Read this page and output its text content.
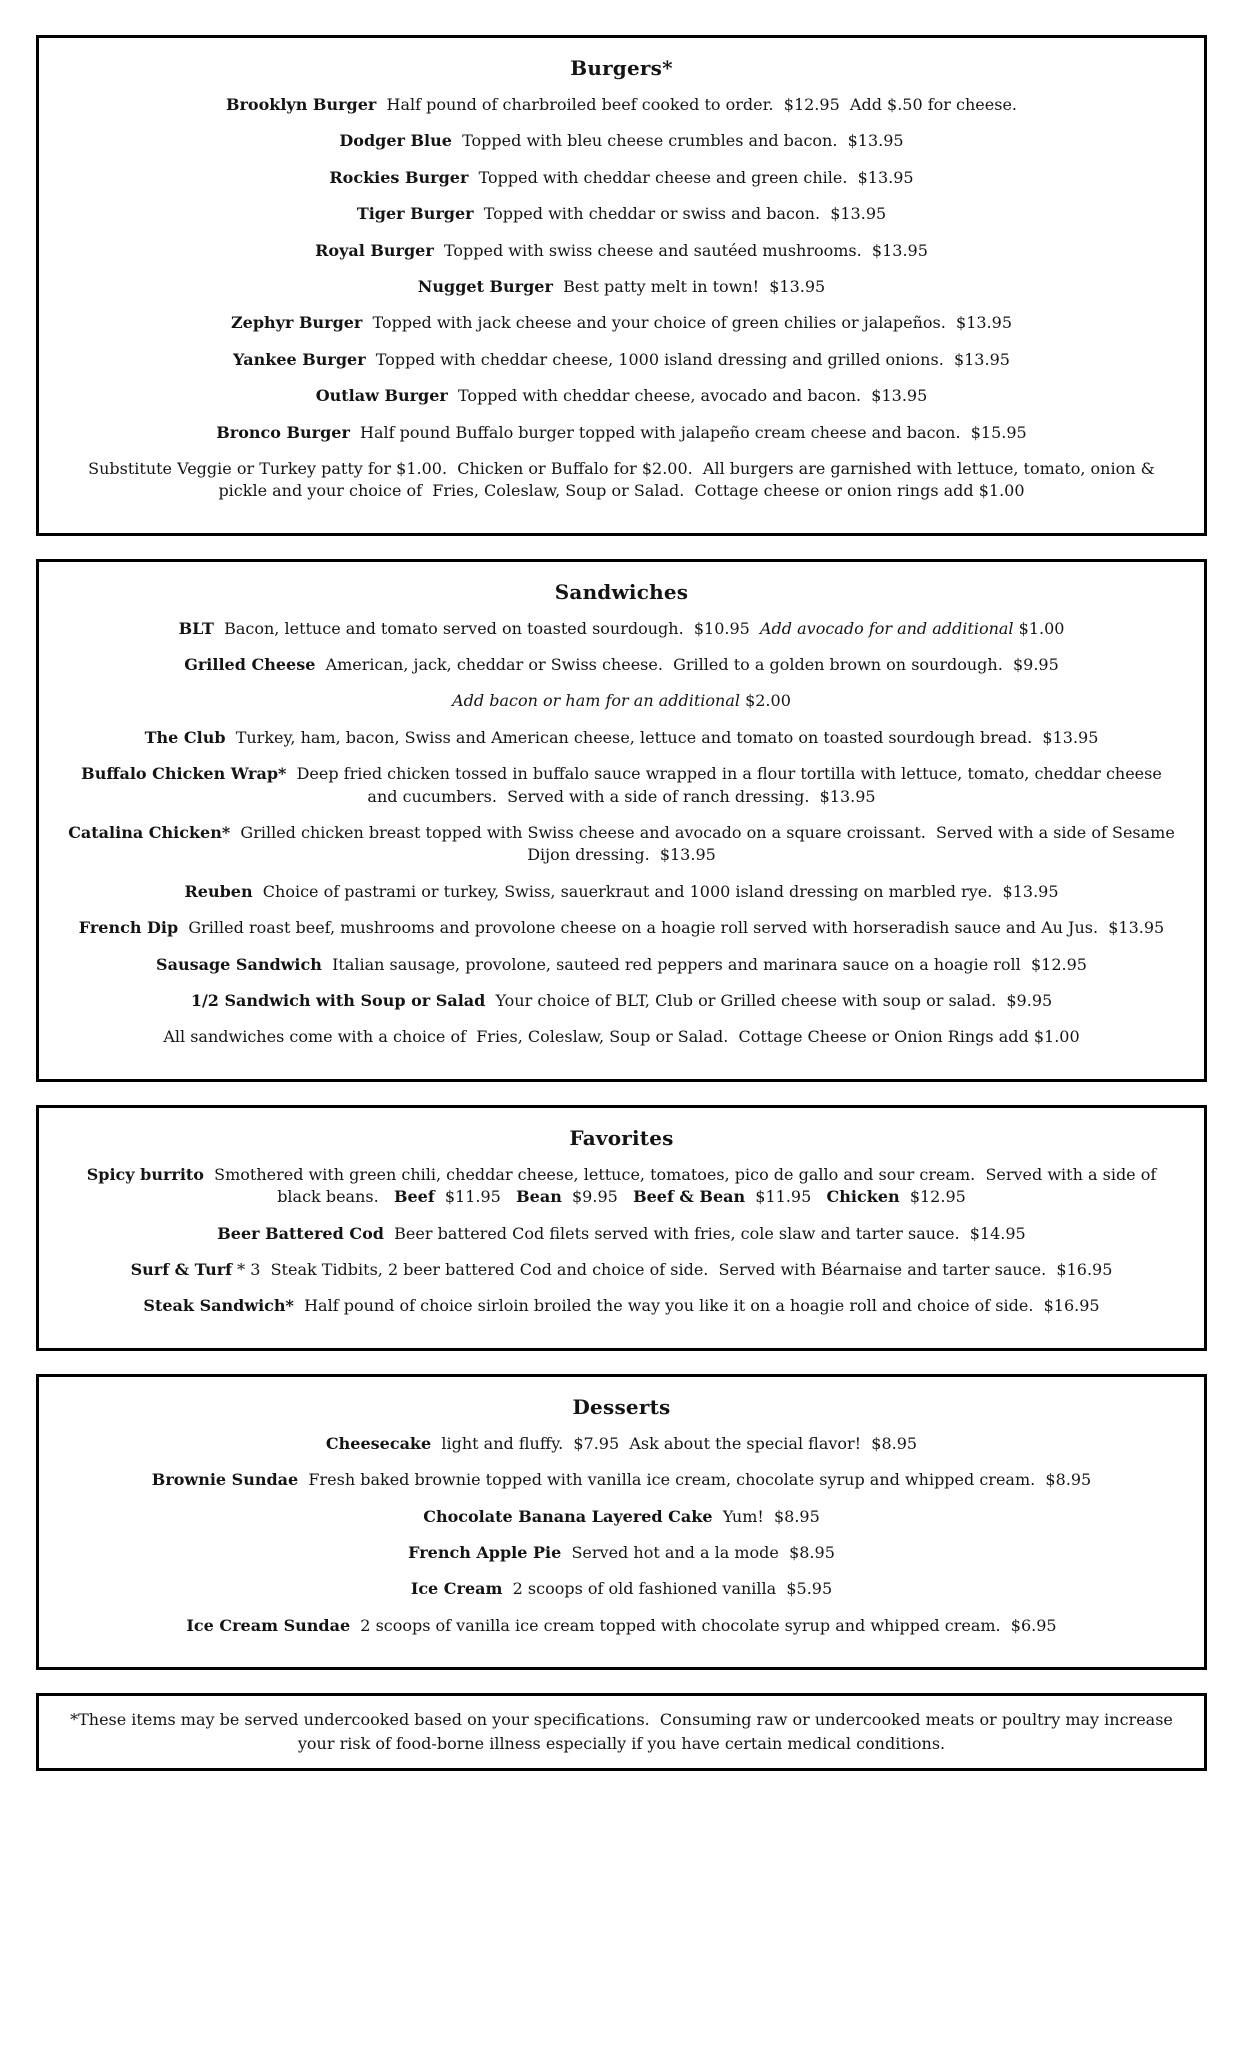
Burgers*

Brooklyn Burger  Half pound of charbroiled beef cooked to order.  $12.95  Add $.50 for cheese.

Dodger Blue  Topped with bleu cheese crumbles and bacon.  $13.95

Rockies Burger  Topped with cheddar cheese and green chile.  $13.95

Tiger Burger  Topped with cheddar or swiss and bacon.  $13.95

Royal Burger  Topped with swiss cheese and sautéed mushrooms.  $13.95

Nugget Burger  Best patty melt in town!  $13.95

Zephyr Burger  Topped with jack cheese and your choice of green chilies or jalapeños.  $13.95

Yankee Burger  Topped with cheddar cheese, 1000 island dressing and grilled onions.  $13.95

Outlaw Burger  Topped with cheddar cheese, avocado and bacon.  $13.95

Bronco Burger  Half pound Buffalo burger topped with jalapeño cream cheese and bacon.  $15.95

Substitute Veggie or Turkey patty for $1.00.  Chicken or Buffalo for $2.00.  All burgers are garnished with lettuce, tomato, onion &   pickle and your choice of  Fries, Coleslaw, Soup or Salad.  Cottage cheese or onion rings add $1.00

Sandwiches

BLT  Bacon, lettuce and tomato served on toasted sourdough.  $10.95  Add avocado for and additional $1.00

Grilled Cheese  American, jack, cheddar or Swiss cheese.  Grilled to a golden brown on sourdough.  $9.95

Add bacon or ham for an additional $2.00

The Club  Turkey, ham, bacon, Swiss and American cheese, lettuce and tomato on toasted sourdough bread.  $13.95

Buffalo Chicken Wrap*  Deep fried chicken tossed in buffalo sauce wrapped in a flour tortilla with lettuce, tomato, cheddar cheese and cucumbers.  Served with a side of ranch dressing.  $13.95

Catalina Chicken*  Grilled chicken breast topped with Swiss cheese and avocado on a square croissant.  Served with a side of Sesame Dijon dressing.  $13.95

Reuben  Choice of pastrami or turkey, Swiss, sauerkraut and 1000 island dressing on marbled rye.  $13.95

French Dip  Grilled roast beef, mushrooms and provolone cheese on a hoagie roll served with horseradish sauce and Au Jus.  $13.95

Sausage Sandwich  Italian sausage, provolone, sauteed red peppers and marinara sauce on a hoagie roll  $12.95

1/2 Sandwich with Soup or Salad  Your choice of BLT, Club or Grilled cheese with soup or salad.  $9.95

All sandwiches come with a choice of  Fries, Coleslaw, Soup or Salad.  Cottage Cheese or Onion Rings add $1.00

Favorites

Spicy burrito  Smothered with green chili, cheddar cheese, lettuce, tomatoes, pico de gallo and sour cream.  Served with a side of black beans.   Beef  $11.95   Bean  $9.95   Beef & Bean  $11.95   Chicken  $12.95

Beer Battered Cod  Beer battered Cod filets served with fries, cole slaw and tarter sauce.  $14.95

Surf & Turf * 3  Steak Tidbits, 2 beer battered Cod and choice of side.  Served with Béarnaise and tarter sauce.  $16.95

Steak Sandwich*  Half pound of choice sirloin broiled the way you like it on a hoagie roll and choice of side.  $16.95

Desserts

Cheesecake  light and fluffy.  $7.95  Ask about the special flavor!  $8.95

Brownie Sundae  Fresh baked brownie topped with vanilla ice cream, chocolate syrup and whipped cream.  $8.95

Chocolate Banana Layered Cake  Yum!  $8.95

French Apple Pie  Served hot and a la mode  $8.95

Ice Cream  2 scoops of old fashioned vanilla  $5.95

Ice Cream Sundae  2 scoops of vanilla ice cream topped with chocolate syrup and whipped cream.  $6.95

*These items may be served undercooked based on your specifications.  Consuming raw or undercooked meats or poultry may increase your risk of food-borne illness especially if you have certain medical conditions.
